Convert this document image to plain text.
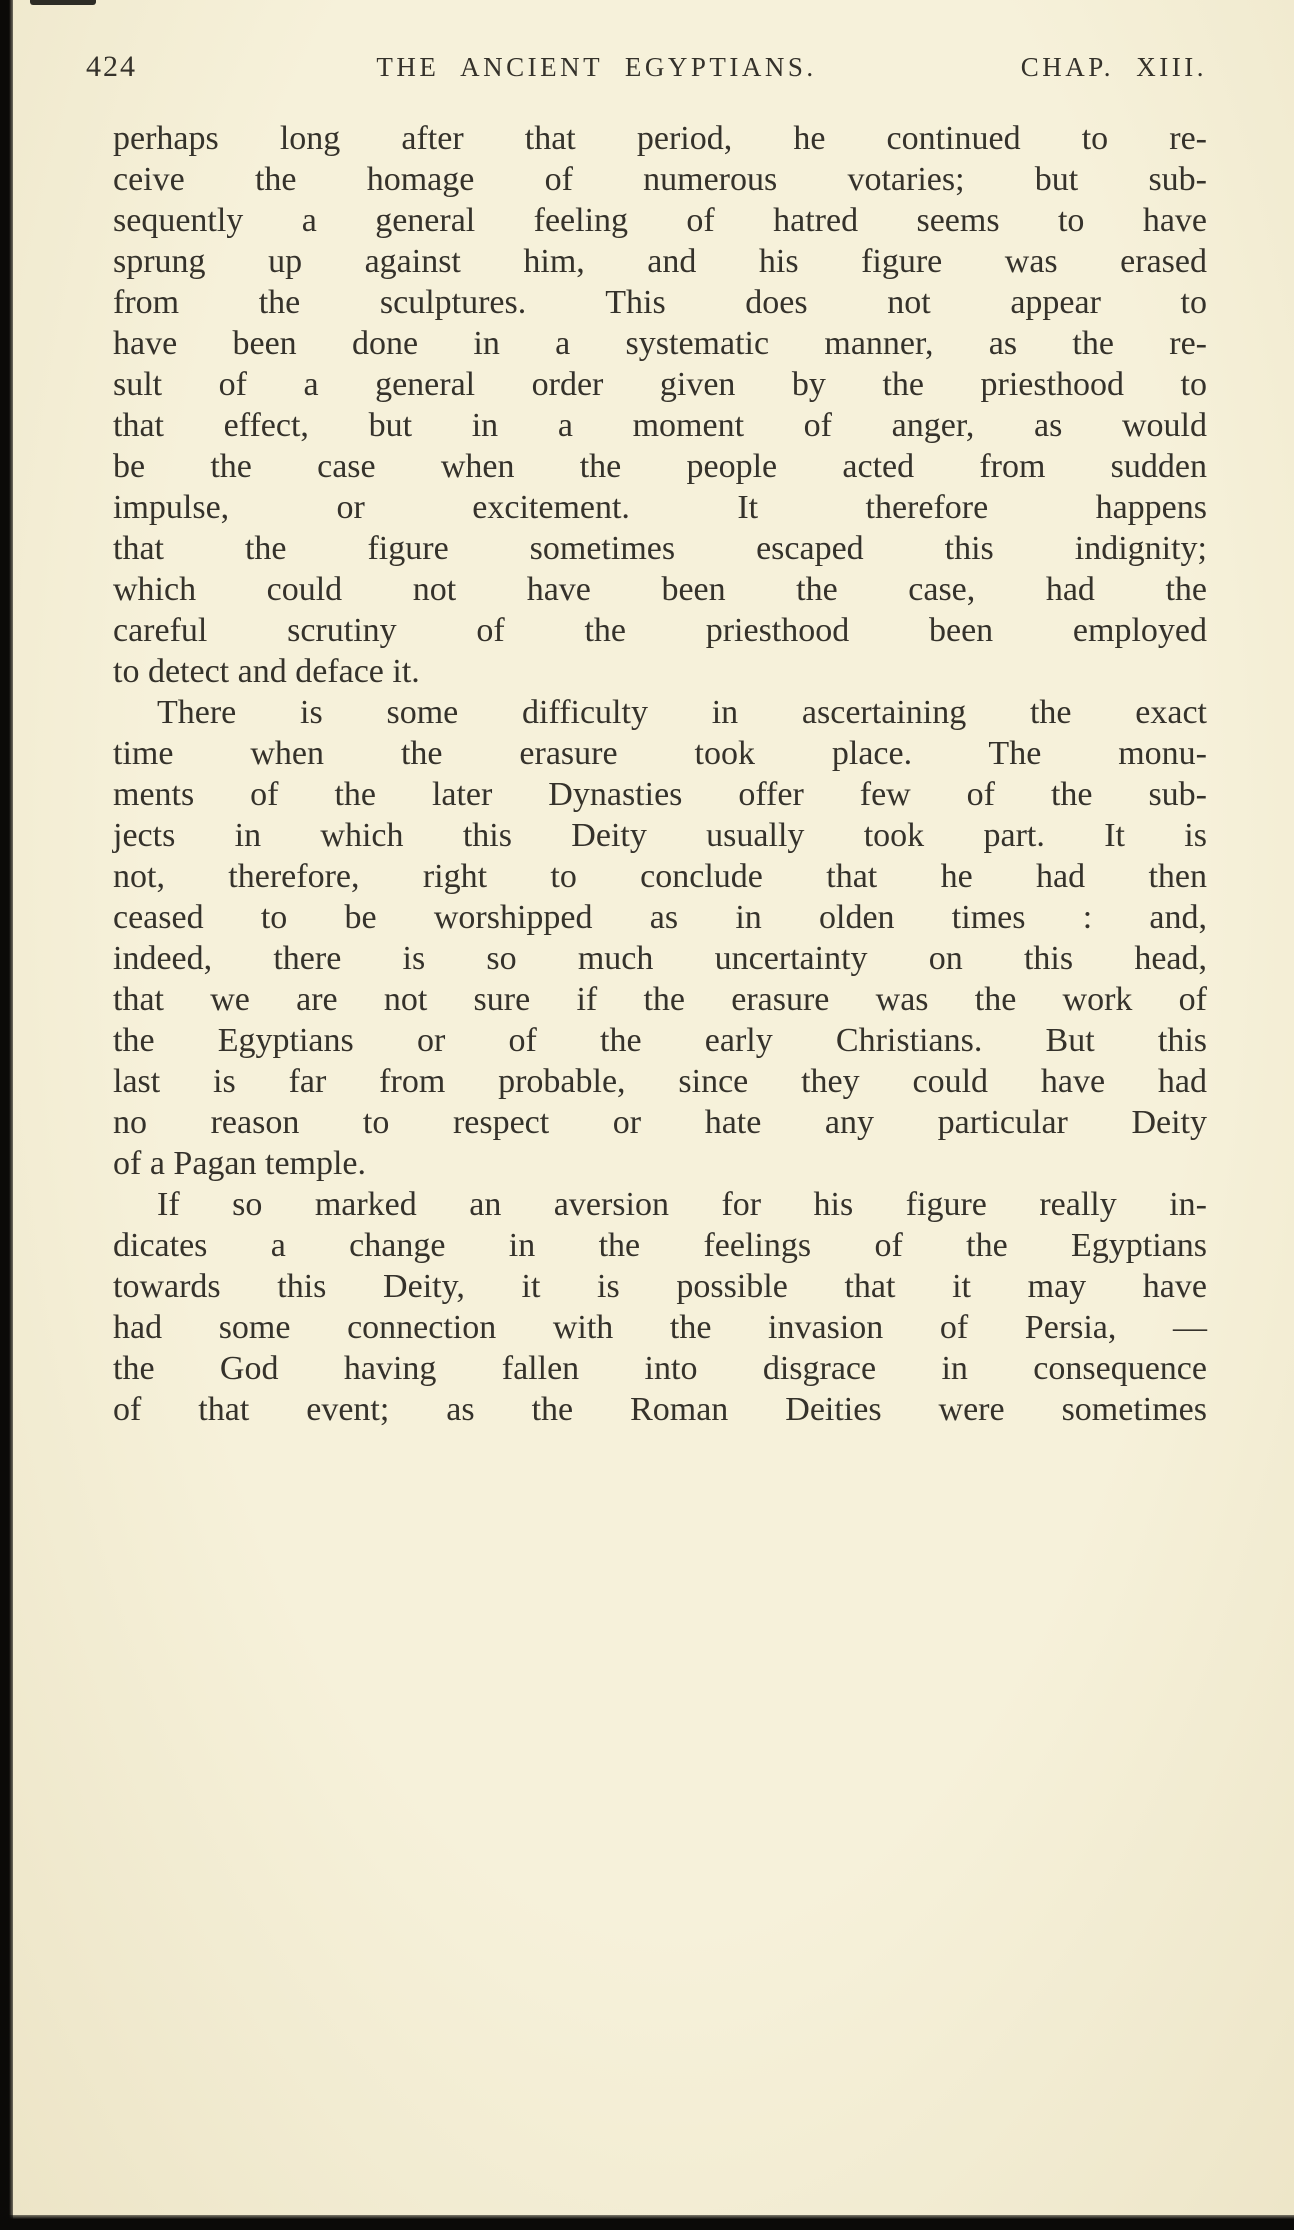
424	THE ANCIENT EGYPTIANS.	CHAP. XIII.
perhaps long after that period, he continued to re-
ceive the homage of numerous votaries; but sub-
sequently a general feeling of hatred seems to have
sprung up against him, and his figure was erased
from the sculptures. This does not appear to
have been done in a systematic manner, as the re-
sult of a general order given by the priesthood to
that effect, but in a moment of anger, as would
be the case when the people acted from sudden
impulse, or excitement. It therefore happens
that the figure sometimes escaped this indignity;
which could not have been the case, had the
careful scrutiny of the priesthood been employed
to detect and deface it.
There is some difficulty in ascertaining the exact
time when the erasure took place. The monu-
ments of the later Dynasties offer few of the sub-
jects in which this Deity usually took part. It is
not, therefore, right to conclude that he had then
ceased to be worshipped as in olden times : and,
indeed, there is so much uncertainty on this head,
that we are not sure if the erasure was the work of
the Egyptians or of the early Christians. But this
last is far from probable, since they could have had
no reason to respect or hate any particular Deity
of a Pagan temple.
If so marked an aversion for his figure really in-
dicates a change in the feelings of the Egyptians
towards this Deity, it is possible that it may have
had some connection with the invasion of Persia, —
the God having fallen into disgrace in consequence
of that event; as the Roman Deities were sometimes
